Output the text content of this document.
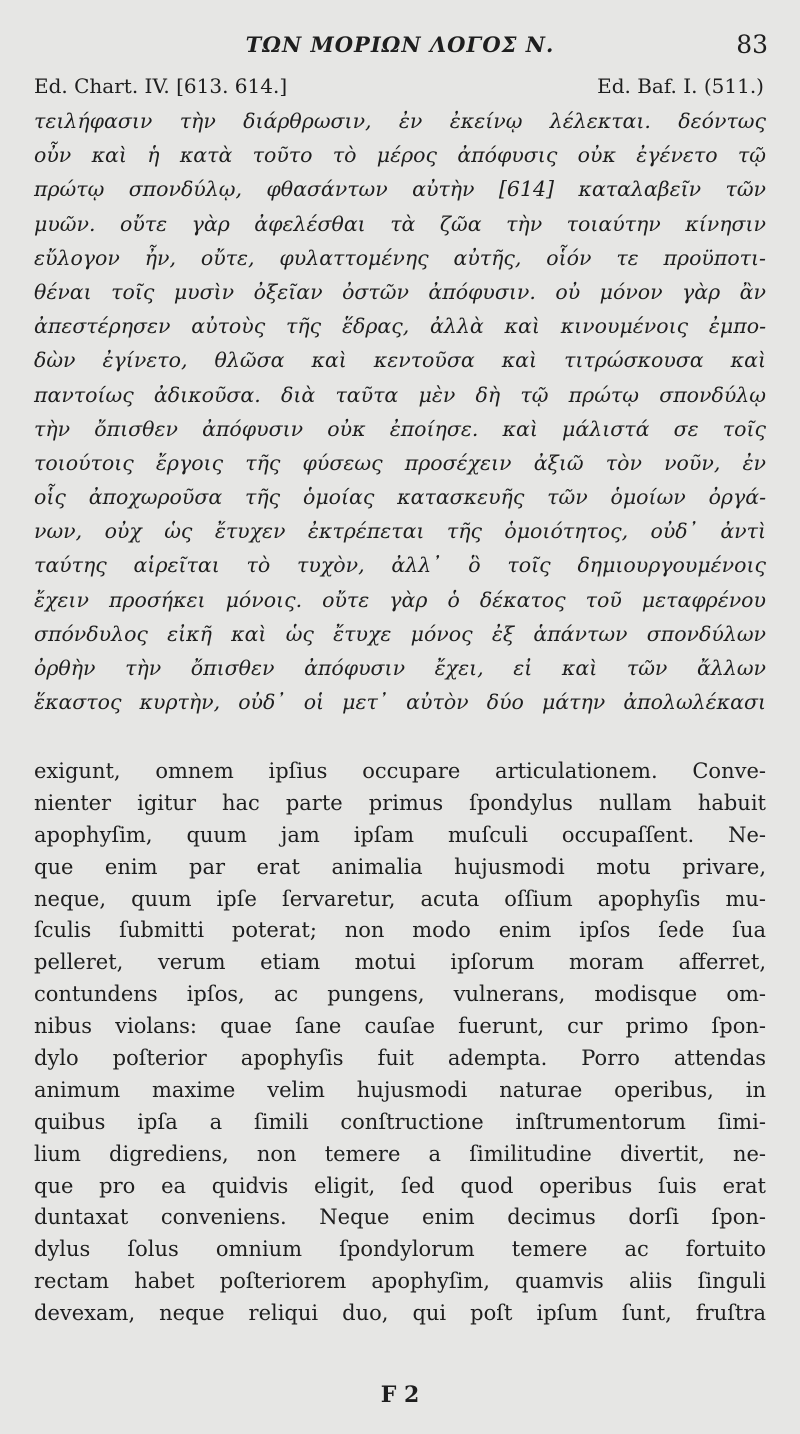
ΤΩΝ ΜΟΡΙΩΝ ΛΟΓΟΣ Ν.	83
Ed. Chart. IV. [613. 614.]	Ed. Baf. I. (511.)
τειλήφασιν τὴν διάρθρωσιν, ἐν ἐκείνῳ λέλεκται. δεόντως
οὖν καὶ ἡ κατὰ τοῦτο τὸ μέρος ἀπόφυσις οὐκ ἐγένετο τῷ
πρώτῳ σπονδύλῳ, φθασάντων αὐτὴν [614] καταλαβεῖν τῶν
μυῶν. οὔτε γὰρ ἀφελέσθαι τὰ ζῶα τὴν τοιαύτην κίνησιν
εὔλογον ἦν, οὔτε, φυλαττομένης αὐτῆς, οἷόν τε προϋποτι-
θέναι τοῖς μυσὶν ὀξεῖαν ὀστῶν ἀπόφυσιν. οὐ μόνον γὰρ ἂν
ἀπεστέρησεν αὐτοὺς τῆς ἕδρας, ἀλλὰ καὶ κινουμένοις ἐμπο-
δὼν ἐγίνετο, θλῶσα καὶ κεντοῦσα καὶ τιτρώσκουσα καὶ
παντοίως ἀδικοῦσα. διὰ ταῦτα μὲν δὴ τῷ πρώτῳ σπονδύλῳ
τὴν ὄπισθεν ἀπόφυσιν οὐκ ἐποίησε. καὶ μάλιστά σε τοῖς
τοιούτοις ἔργοις τῆς φύσεως προσέχειν ἀξιῶ τὸν νοῦν, ἐν
οἷς ἀποχωροῦσα τῆς ὁμοίας κατασκευῆς τῶν ὁμοίων ὀργά-
νων, οὐχ ὡς ἔτυχεν ἐκτρέπεται τῆς ὁμοιότητος, οὐδ᾽ ἀντὶ
ταύτης αἱρεῖται τὸ τυχὸν, ἀλλ᾽ ὃ τοῖς δημιουργουμένοις
ἔχειν προσήκει μόνοις. οὔτε γὰρ ὁ δέκατος τοῦ μεταφρένου
σπόνδυλος εἰκῆ καὶ ὡς ἔτυχε μόνος ἐξ ἁπάντων σπονδύλων
ὀρθὴν τὴν ὄπισθεν ἀπόφυσιν ἔχει, εἰ καὶ τῶν ἄλλων
ἕκαστος κυρτὴν, οὐδ᾽ οἱ μετ᾽ αὐτὸν δύο μάτην ἀπολωλέκασι
exigunt, omnem ipſius occupare articulationem. Conve-
nienter igitur hac parte primus ſpondylus nullam habuit
apophyſim, quum jam ipſam muſculi occupaſſent. Ne-
que enim par erat animalia hujusmodi motu privare,
neque, quum ipſe ſervaretur, acuta oſſium apophyſis mu-
ſculis ſubmitti poterat; non modo enim ipſos ſede ſua
pelleret, verum etiam motui ipſorum moram afferret,
contundens ipſos, ac pungens, vulnerans, modisque om-
nibus violans: quae ſane cauſae fuerunt, cur primo ſpon-
dylo poſterior apophyſis fuit adempta. Porro attendas
animum maxime velim hujusmodi naturae operibus, in
quibus ipſa a ſimili conſtructione inſtrumentorum ſimi-
lium digrediens, non temere a ſimilitudine divertit, ne-
que pro ea quidvis eligit, ſed quod operibus ſuis erat
duntaxat conveniens. Neque enim decimus dorſi ſpon-
dylus ſolus omnium ſpondylorum temere ac fortuito
rectam habet poſteriorem apophyſim, quamvis aliis ſinguli
devexam, neque reliqui duo, qui poſt ipſum ſunt, fruſtra
F 2
